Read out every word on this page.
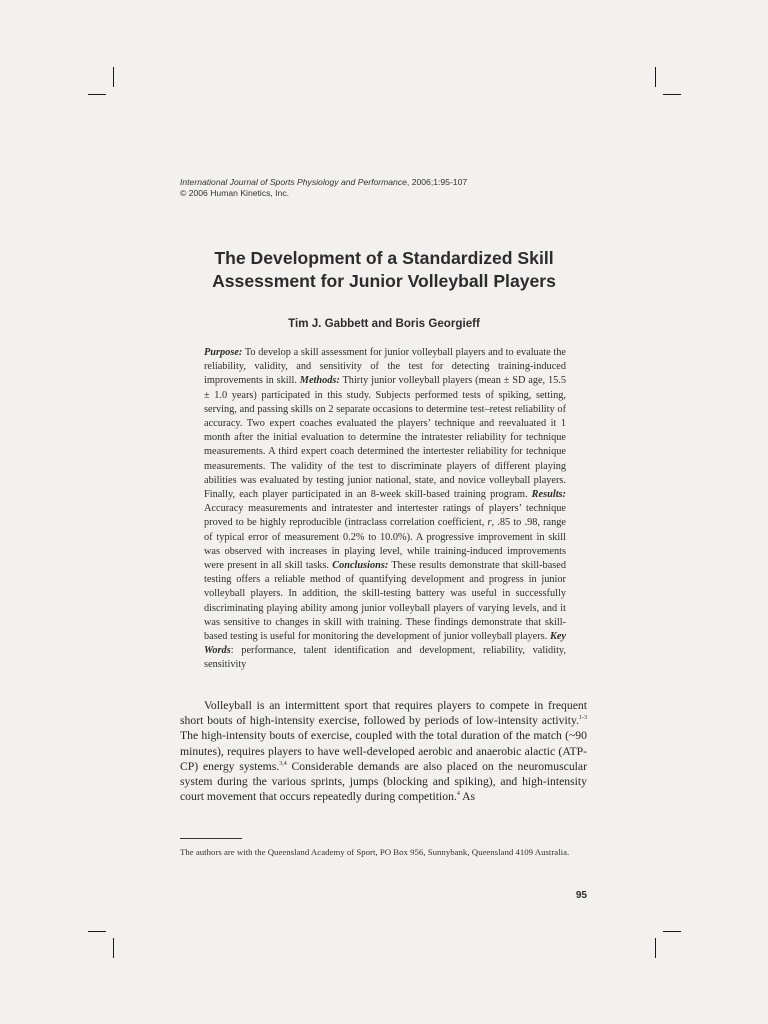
International Journal of Sports Physiology and Performance, 2006;1:95-107
© 2006 Human Kinetics, Inc.
The Development of a Standardized Skill
Assessment for Junior Volleyball Players
Tim J. Gabbett and Boris Georgieff
Purpose: To develop a skill assessment for junior volleyball players and to evaluate the reliability, validity, and sensitivity of the test for detecting training-induced improvements in skill. Methods: Thirty junior volleyball players (mean ± SD age, 15.5 ± 1.0 years) participated in this study. Subjects performed tests of spiking, setting, serving, and passing skills on 2 separate occasions to determine test–retest reliability of accuracy. Two expert coaches evaluated the players’ technique and reevaluated it 1 month after the initial evaluation to determine the intratester reliability for technique measurements. A third expert coach determined the intertester reliability for technique measurements. The validity of the test to discriminate players of different playing abilities was evaluated by testing junior national, state, and novice volleyball players. Finally, each player participated in an 8-week skill-based training program. Results: Accuracy measurements and intratester and intertester ratings of players’ technique proved to be highly reproducible (intraclass correlation coefficient, r, .85 to .98, range of typical error of measurement 0.2% to 10.0%). A progressive improvement in skill was observed with increases in playing level, while training-induced improvements were present in all skill tasks. Conclusions: These results demonstrate that skill-based testing offers a reliable method of quantifying development and progress in junior volleyball players. In addition, the skill-testing battery was useful in successfully discriminating playing ability among junior volleyball players of varying levels, and it was sensitive to changes in skill with training. These findings demonstrate that skill-based testing is useful for monitoring the development of junior volleyball players. Key Words: performance, talent identification and development, reliability, validity, sensitivity
Volleyball is an intermittent sport that requires players to compete in frequent short bouts of high-intensity exercise, followed by periods of low-intensity activity.$^{1-3}$ The high-intensity bouts of exercise, coupled with the total duration of the match (~90 minutes), requires players to have well-developed aerobic and anaerobic alactic (ATP-CP) energy systems.$^{3,4}$ Considerable demands are also placed on the neuromuscular system during the various sprints, jumps (blocking and spiking), and high-intensity court movement that occurs repeatedly during competition.$^4$ As
The authors are with the Queensland Academy of Sport, PO Box 956, Sunnybank, Queensland 4109 Australia.
95
